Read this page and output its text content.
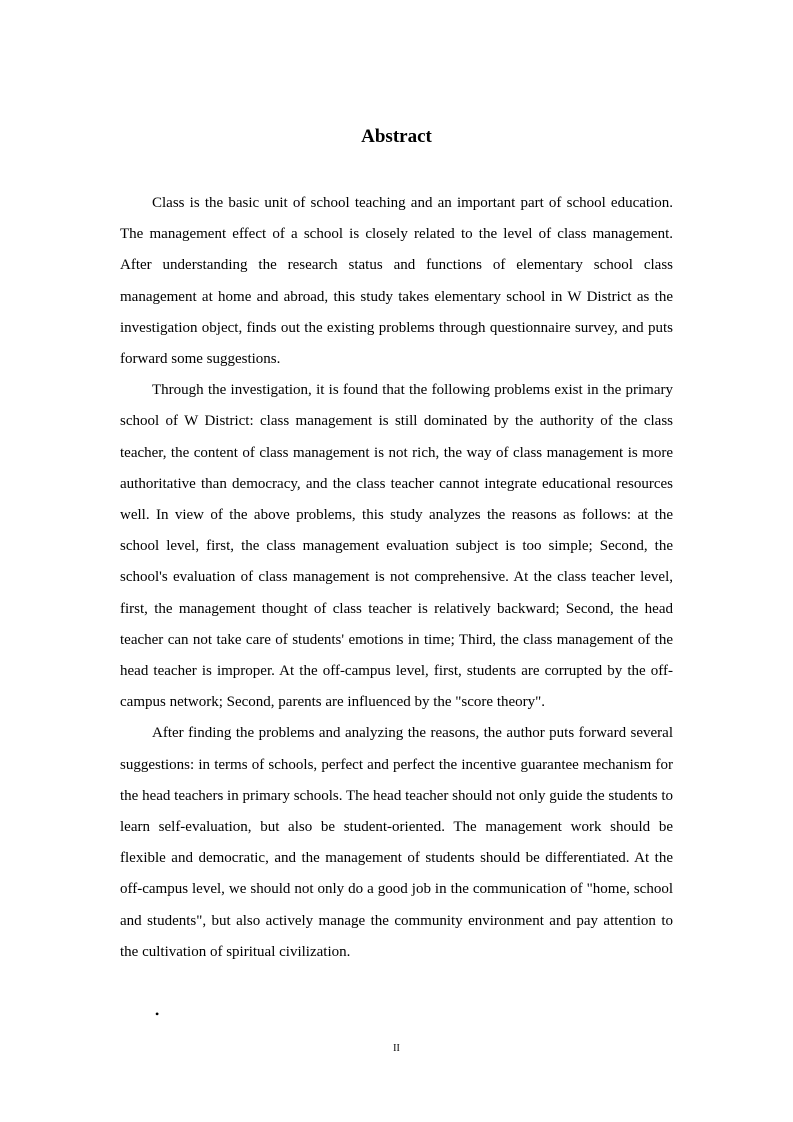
Abstract

Class is the basic unit of school teaching and an important part of school education. The management effect of a school is closely related to the level of class management. After understanding the research status and functions of elementary school class management at home and abroad, this study takes elementary school in W District as the investigation object, finds out the existing problems through questionnaire survey, and puts forward some suggestions.

Through the investigation, it is found that the following problems exist in the primary school of W District: class management is still dominated by the authority of the class teacher, the content of class management is not rich, the way of class management is more authoritative than democracy, and the class teacher cannot integrate educational resources well. In view of the above problems, this study analyzes the reasons as follows: at the school level, first, the class management evaluation subject is too simple; Second, the school's evaluation of class management is not comprehensive. At the class teacher level, first, the management thought of class teacher is relatively backward; Second, the head teacher can not take care of students' emotions in time; Third, the class management of the head teacher is improper. At the off-campus level, first, students are corrupted by the off-campus network; Second, parents are influenced by the "score theory".

After finding the problems and analyzing the reasons, the author puts forward several suggestions: in terms of schools, perfect and perfect the incentive guarantee mechanism for the head teachers in primary schools. The head teacher should not only guide the students to learn self-evaluation, but also be student-oriented. The management work should be flexible and democratic, and the management of students should be differentiated. At the off-campus level, we should not only do a good job in the communication of "home, school and students", but also actively manage the community environment and pay attention to the cultivation of spiritual civilization.

•
II
